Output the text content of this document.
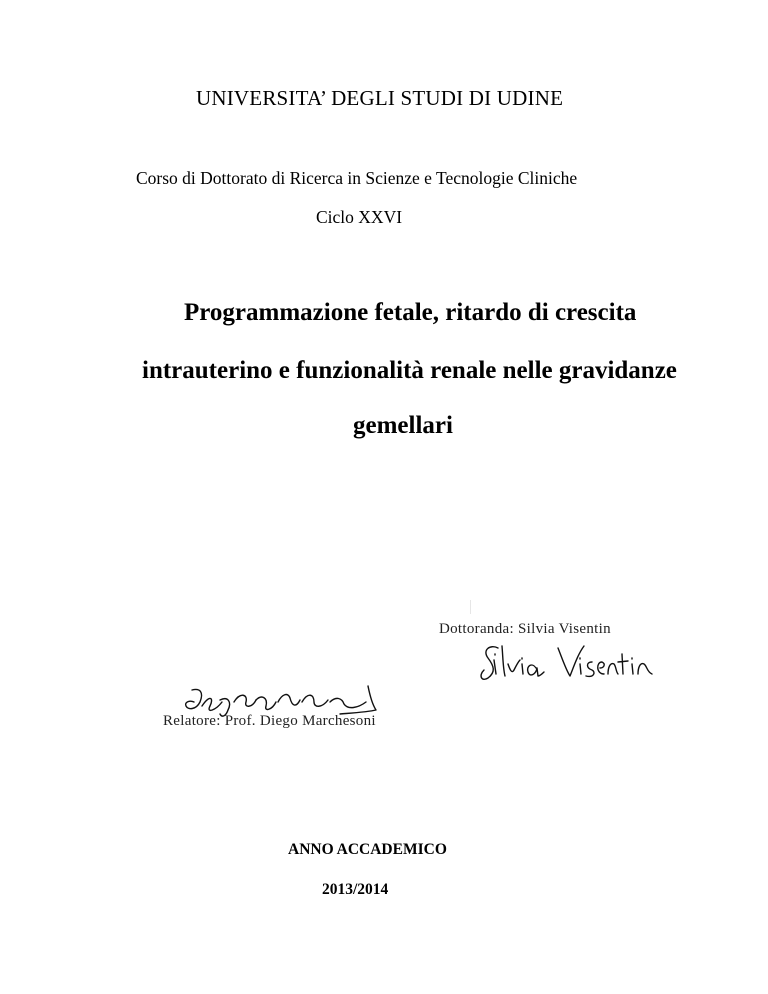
UNIVERSITA’ DEGLI STUDI DI UDINE
Corso di Dottorato di Ricerca in Scienze e Tecnologie Cliniche
Ciclo XXVI
Programmazione fetale, ritardo di crescita
intrauterino e funzionalità renale nelle gravidanze
gemellari
Dottoranda: Silvia Visentin
Relatore: Prof. Diego Marchesoni
ANNO ACCADEMICO
2013/2014
